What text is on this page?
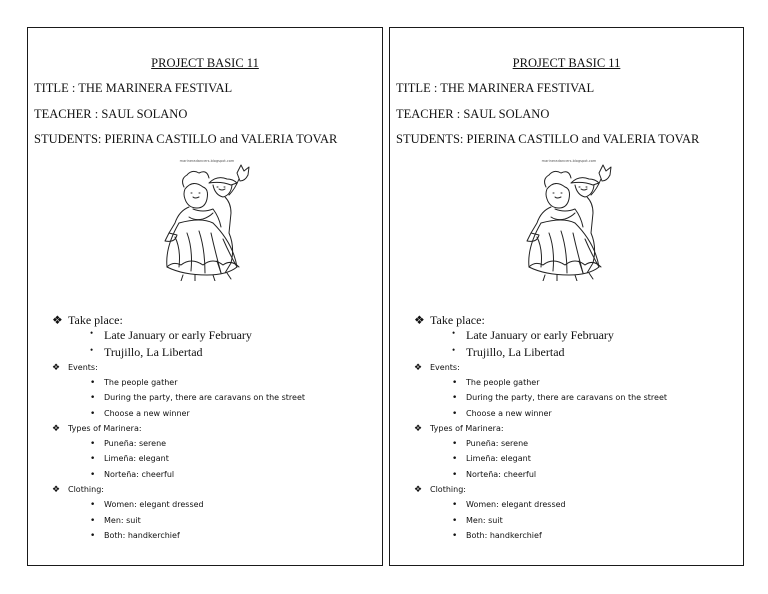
PROJECT BASIC 11
TITLE : THE MARINERA FESTIVAL
TEACHER : SAUL SOLANO
STUDENTS: PIERINA CASTILLO and VALERIA TOVAR
marineradancers.blogspot.com
❖ Take place:
• Late January or early February
• Trujillo, La Libertad
❖ Events:
• The people gather
• During the party, there are caravans on the street
• Choose a new winner
❖ Types of Marinera:
• Puneña: serene
• Limeña: elegant
• Norteña: cheerful
❖ Clothing:
• Women: elegant dressed
• Men: suit
• Both: handkerchief
PROJECT BASIC 11
TITLE : THE MARINERA FESTIVAL
TEACHER : SAUL SOLANO
STUDENTS: PIERINA CASTILLO and VALERIA TOVAR
marineradancers.blogspot.com
❖ Take place:
• Late January or early February
• Trujillo, La Libertad
❖ Events:
• The people gather
• During the party, there are caravans on the street
• Choose a new winner
❖ Types of Marinera:
• Puneña: serene
• Limeña: elegant
• Norteña: cheerful
❖ Clothing:
• Women: elegant dressed
• Men: suit
• Both: handkerchief
